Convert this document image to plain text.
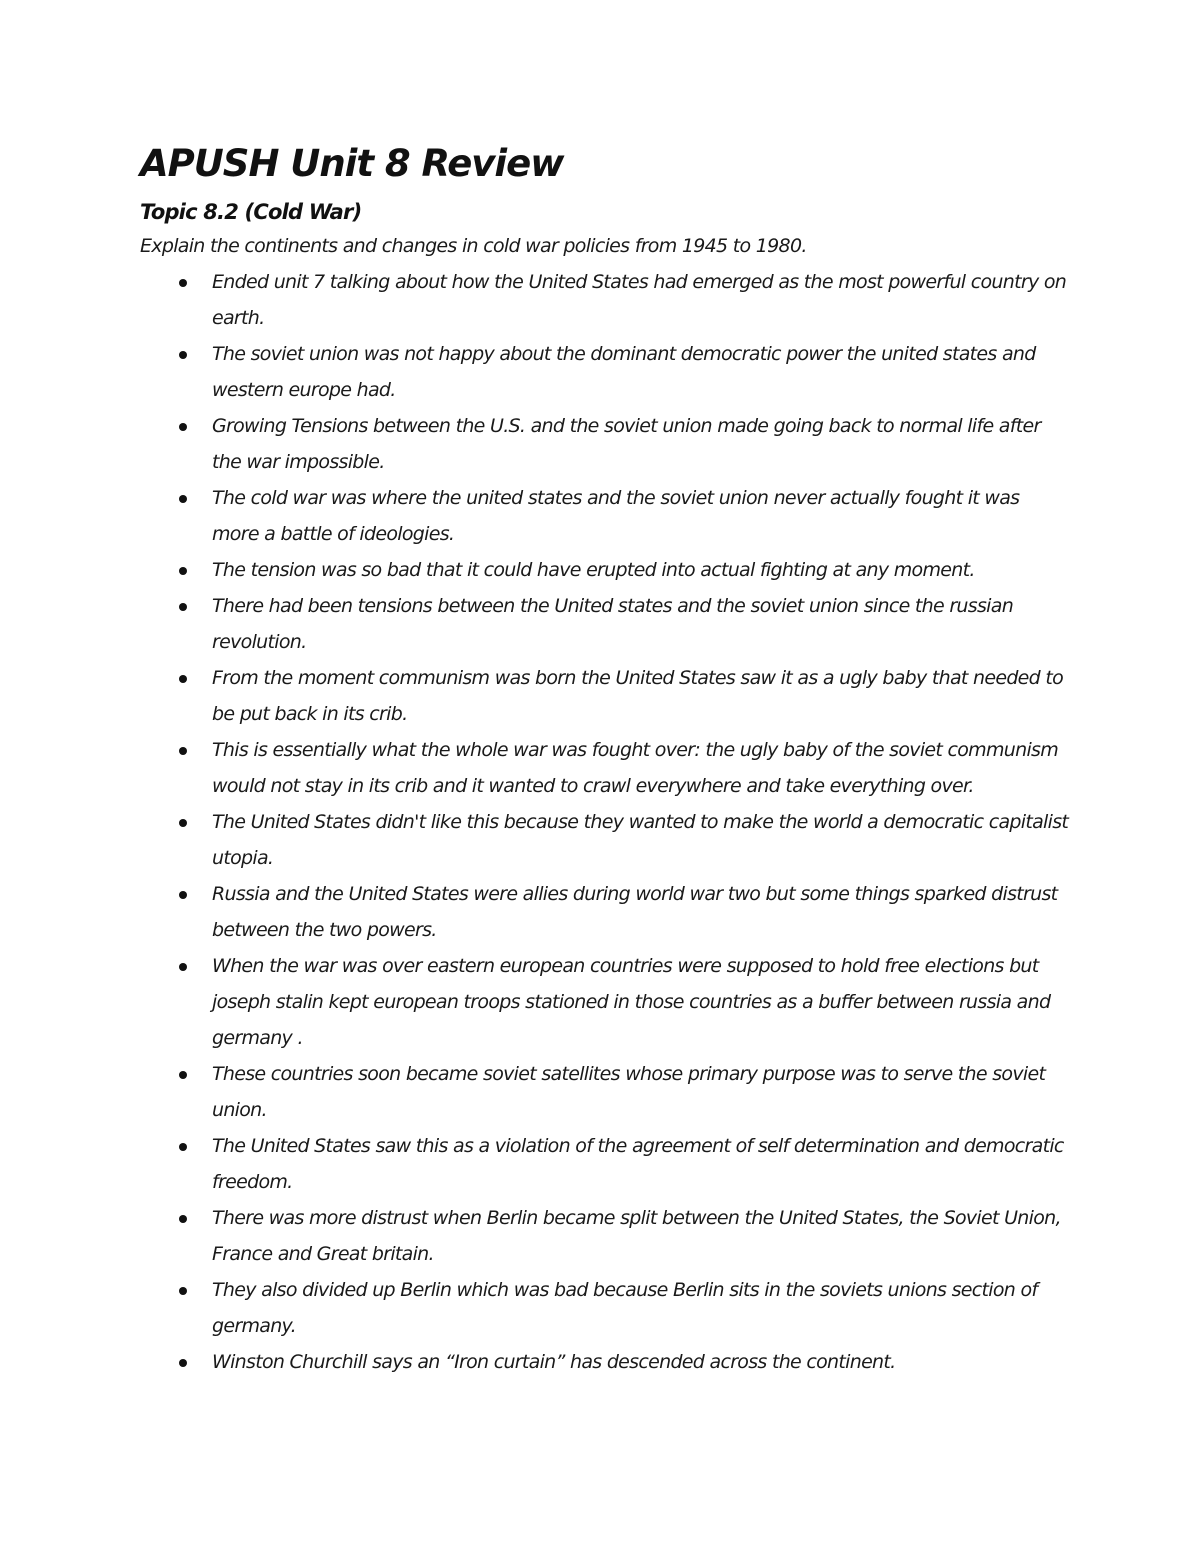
APUSH Unit 8 Review
Topic 8.2 (Cold War)

Explain the continents and changes in cold war policies from 1945 to 1980.

Ended unit 7 talking about how the United States had emerged as the most powerful country on earth.
The soviet union was not happy about the dominant democratic power the united states and western europe had.
Growing Tensions between the U.S. and the soviet union made going back to normal life after the war impossible.
The cold war was where the united states and the soviet union never actually fought it was more a battle of ideologies.
The tension was so bad that it could have erupted into actual fighting at any moment.
There had been tensions between the United states and the soviet union since the russian revolution.
From the moment communism was born the United States saw it as a ugly baby that needed to be put back in its crib.
This is essentially what the whole war was fought over: the ugly baby of the soviet communism would not stay in its crib and it wanted to crawl everywhere and take everything over.
The United States didn't like this because they wanted to make the world a democratic capitalist utopia.
Russia and the United States were allies during world war two but some things sparked distrust between the two powers.
When the war was over eastern european countries were supposed to hold free elections but joseph stalin kept european troops stationed in those countries as a buffer between russia and germany .
These countries soon became soviet satellites whose primary purpose was to serve the soviet union.
The United States saw this as a violation of the agreement of self determination and democratic freedom.
There was more distrust when Berlin became split between the United States, the Soviet Union, France and Great britain.
They also divided up Berlin which was bad because Berlin sits in the soviets unions section of germany.
Winston Churchill says an “Iron curtain” has descended across the continent.
